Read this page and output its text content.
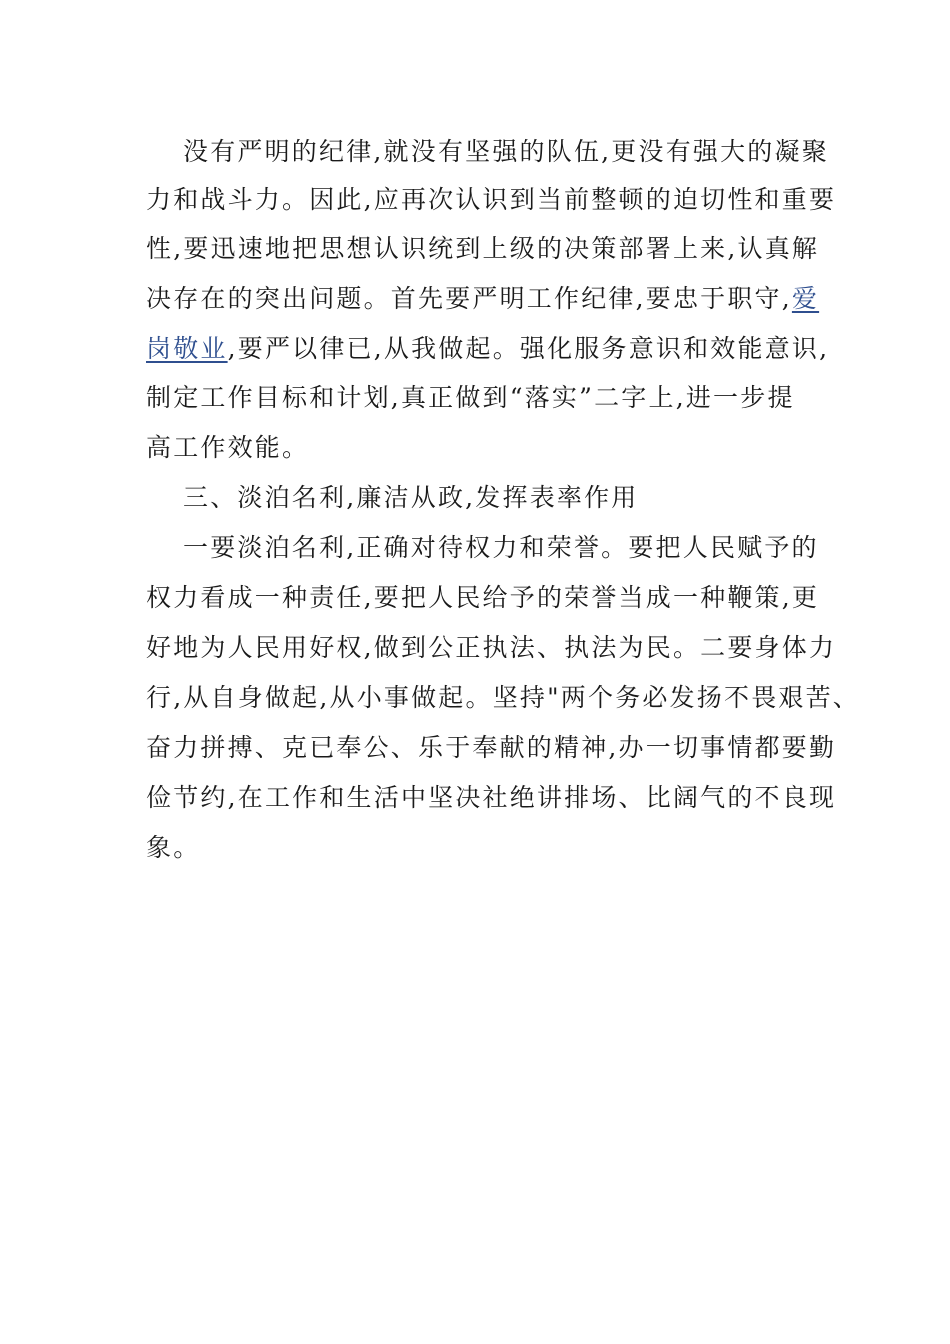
没有严明的纪律,就没有坚强的队伍,更没有强大的凝聚
力和战斗力。因此,应再次认识到当前整顿的迫切性和重要
性,要迅速地把思想认识统到上级的决策部署上来,认真解
决存在的突出问题。首先要严明工作纪律,要忠于职守,爱
岗敬业,要严以律已,从我做起。强化服务意识和效能意识,
制定工作目标和计划,真正做到“落实”二字上,进一步提
高工作效能。
三、淡泊名利,廉洁从政,发挥表率作用
一要淡泊名利,正确对待权力和荣誉。要把人民赋予的
权力看成一种责任,要把人民给予的荣誉当成一种鞭策,更
好地为人民用好权,做到公正执法、执法为民。二要身体力
行,从自身做起,从小事做起。坚持"两个务必发扬不畏艰苦、
奋力拼搏、克已奉公、乐于奉献的精神,办一切事情都要勤
俭节约,在工作和生活中坚决社绝讲排场、比阔气的不良现
象。
